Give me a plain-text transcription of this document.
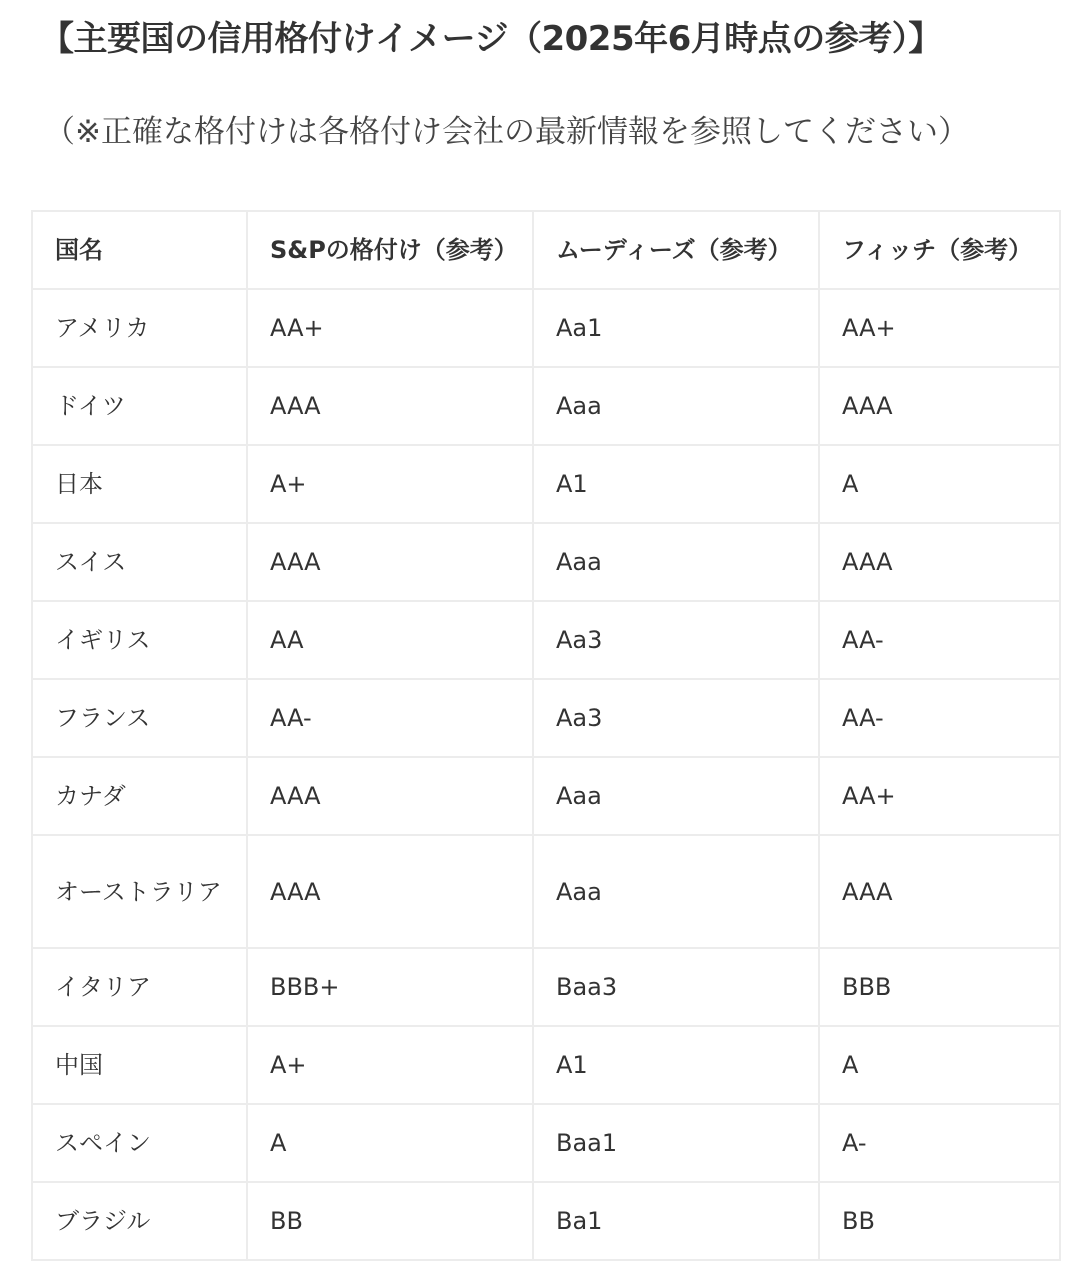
【主要国の信用格付けイメージ（2025年6月時点の参考）】

（※正確な格付けは各格付け会社の最新情報を参照してください）

国名	S&Pの格付け（参考）	ムーディーズ（参考）	フィッチ（参考）
アメリカ	AA+	Aa1	AA+
ドイツ	AAA	Aaa	AAA
日本	A+	A1	A
スイス	AAA	Aaa	AAA
イギリス	AA	Aa3	AA-
フランス	AA-	Aa3	AA-
カナダ	AAA	Aaa	AA+
オーストラリア	AAA	Aaa	AAA
イタリア	BBB+	Baa3	BBB
中国	A+	A1	A
スペイン	A	Baa1	A-
ブラジル	BB	Ba1	BB
